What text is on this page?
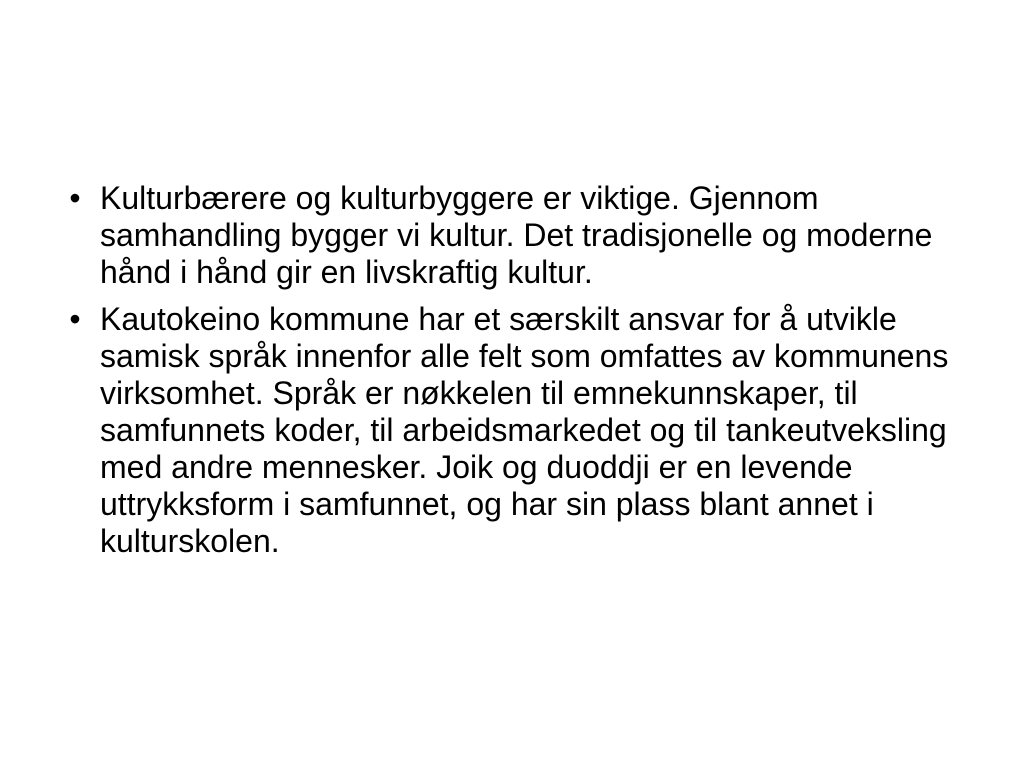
• Kulturbærere og kulturbyggere er viktige. Gjennom samhandling bygger vi kultur. Det tradisjonelle og moderne hånd i hånd gir en livskraftig kultur.
• Kautokeino kommune har et særskilt ansvar for å utvikle samisk språk innenfor alle felt som omfattes av kommunens virksomhet. Språk er nøkkelen til emnekunnskaper, til samfunnets koder, til arbeidsmarkedet og til tankeutveksling med andre mennesker. Joik og duoddji er en levende uttrykksform i samfunnet, og har sin plass blant annet i kulturskolen.
